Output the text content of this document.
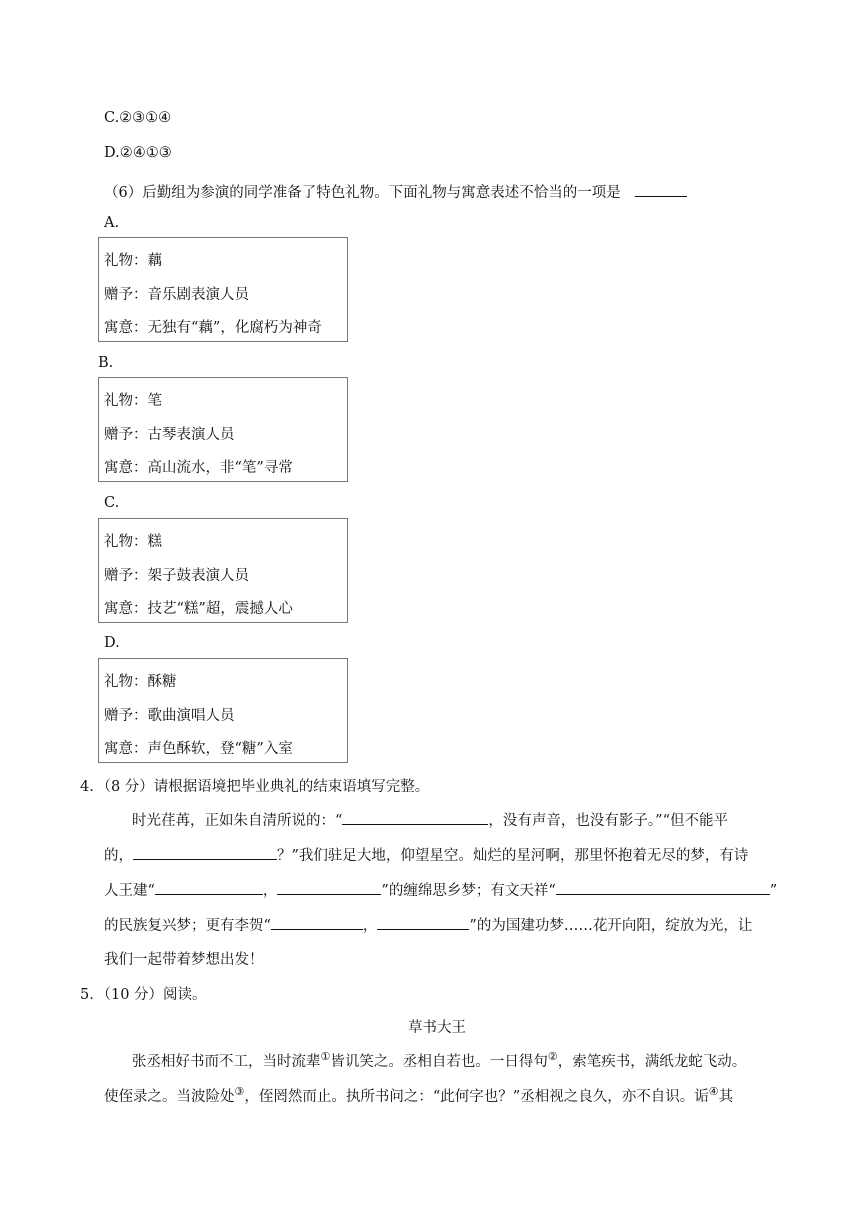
C.②③①④
D.②④①③
（6）后勤组为参演的同学准备了特色礼物。下面礼物与寓意表述不恰当的一项是
A.
礼物：藕
赠予：音乐剧表演人员
寓意：无独有“藕”，化腐朽为神奇
B.
礼物：笔
赠予：古琴表演人员
寓意：高山流水，非“笔”寻常
C.
礼物：糕
赠予：架子鼓表演人员
寓意：技艺“糕”超，震撼人心
D.
礼物：酥糖
赠予：歌曲演唱人员
寓意：声色酥软，登“糖”入室
4．（8 分）请根据语境把毕业典礼的结束语填写完整。
时光荏苒，正如朱自清所说的：“	，没有声音，也没有影子。”“但不能平
的，	？”我们驻足大地，仰望星空。灿烂的星河啊，那里怀抱着无尽的梦，有诗
人王建“	，	”的缠绵思乡梦；有文天祥“	”
的民族复兴梦；更有李贺“	，	”的为国建功梦……花开向阳，绽放为光，让
我们一起带着梦想出发！
5．（10 分）阅读。
草书大王
张丞相好书而不工，当时流辈①皆讥笑之。丞相自若也。一日得句②，索笔疾书，满纸龙蛇飞动。
使侄录之。当波险处③，侄罔然而止。执所书问之：“此何字也？”丞相视之良久，亦不自识。诟④其
